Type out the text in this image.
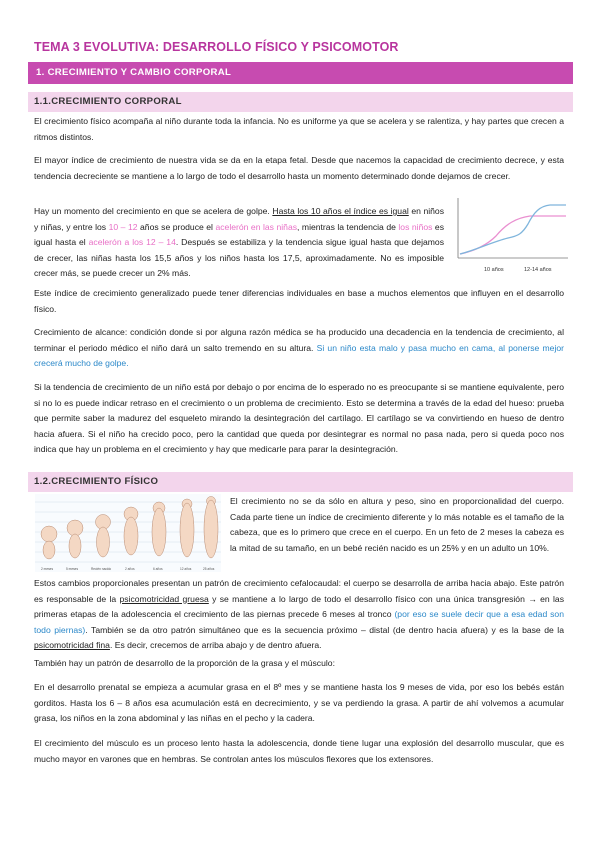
TEMA 3 EVOLUTIVA: DESARROLLO FÍSICO Y PSICOMOTOR
1. CRECIMIENTO Y CAMBIO CORPORAL
1.1.CRECIMIENTO CORPORAL
El crecimiento físico acompaña al niño durante toda la infancia. No es uniforme ya que se acelera y se ralentiza, y hay partes que crecen a ritmos distintos.
El mayor índice de crecimiento de nuestra vida se da en la etapa fetal. Desde que nacemos la capacidad de crecimiento decrece, y esta tendencia decreciente se mantiene a lo largo de todo el desarrollo hasta un momento determinado donde dejamos de crecer.
Hay un momento del crecimiento en que se acelera de golpe. Hasta los 10 años el índice es igual en niños y niñas, y entre los 10 – 12 años se produce el acelerón en las niñas, mientras la tendencia de los niños es igual hasta el acelerón a los 12 – 14. Después se estabiliza y la tendencia sigue igual hasta que dejamos de crecer, las niñas hasta los 15,5 años y los niños hasta los 17,5, aproximadamente. No es imposible crecer más, se puede crecer un 2% más.	10 años	12-14 años
Este índice de crecimiento generalizado puede tener diferencias individuales en base a muchos elementos que influyen en el desarrollo físico.
Crecimiento de alcance: condición donde si por alguna razón médica se ha producido una decadencia en la tendencia de crecimiento, al terminar el periodo médico el niño dará un salto tremendo en su altura. Si un niño esta malo y pasa mucho en cama, al ponerse mejor crecerá mucho de golpe.
Si la tendencia de crecimiento de un niño está por debajo o por encima de lo esperado no es preocupante si se mantiene equivalente, pero si no lo es puede indicar retraso en el crecimiento o un problema de crecimiento. Esto se determina a través de la edad del hueso: prueba que permite saber la madurez del esqueleto mirando la desintegración del cartílago. El cartílago se va convirtiendo en hueso de dentro hacia afuera. Si el niño ha crecido poco, pero la cantidad que queda por desintegrar es normal no pasa nada, pero si queda poco nos indica que hay un problema en el crecimiento y hay que medicarle para parar la desintegración.
1.2.CRECIMIENTO FÍSICO
2 meses	5 meses	Recién nacido	2 años	6 años	12 años	25 años
El crecimiento no se da sólo en altura y peso, sino en proporcionalidad del cuerpo. Cada parte tiene un índice de crecimiento diferente y lo más notable es el tamaño de la cabeza, que es lo primero que crece en el cuerpo. En un feto de 2 meses la cabeza es la mitad de su tamaño, en un bebé recién nacido es un 25% y en un adulto un 10%.
Estos cambios proporcionales presentan un patrón de crecimiento cefalocaudal: el cuerpo se desarrolla de arriba hacia abajo. Este patrón es responsable de la psicomotricidad gruesa y se mantiene a lo largo de todo el desarrollo físico con una única transgresión → en las primeras etapas de la adolescencia el crecimiento de las piernas precede 6 meses al tronco (por eso se suele decir que a esa edad son todo piernas). También se da otro patrón simultáneo que es la secuencia próximo – distal (de dentro hacia afuera) y es la base de la psicomotricidad fina. Es decir, crecemos de arriba abajo y de dentro afuera.
También hay un patrón de desarrollo de la proporción de la grasa y el músculo:
En el desarrollo prenatal se empieza a acumular grasa en el 8º mes y se mantiene hasta los 9 meses de vida, por eso los bebés están gorditos. Hasta los 6 – 8 años esa acumulación está en decrecimiento, y se va perdiendo la grasa. A partir de ahí volvemos a acumular grasa, los niños en la zona abdominal y las niñas en el pecho y la cadera.
El crecimiento del músculo es un proceso lento hasta la adolescencia, donde tiene lugar una explosión del desarrollo muscular, que es mucho mayor en varones que en hembras. Se controlan antes los músculos flexores que los extensores.
